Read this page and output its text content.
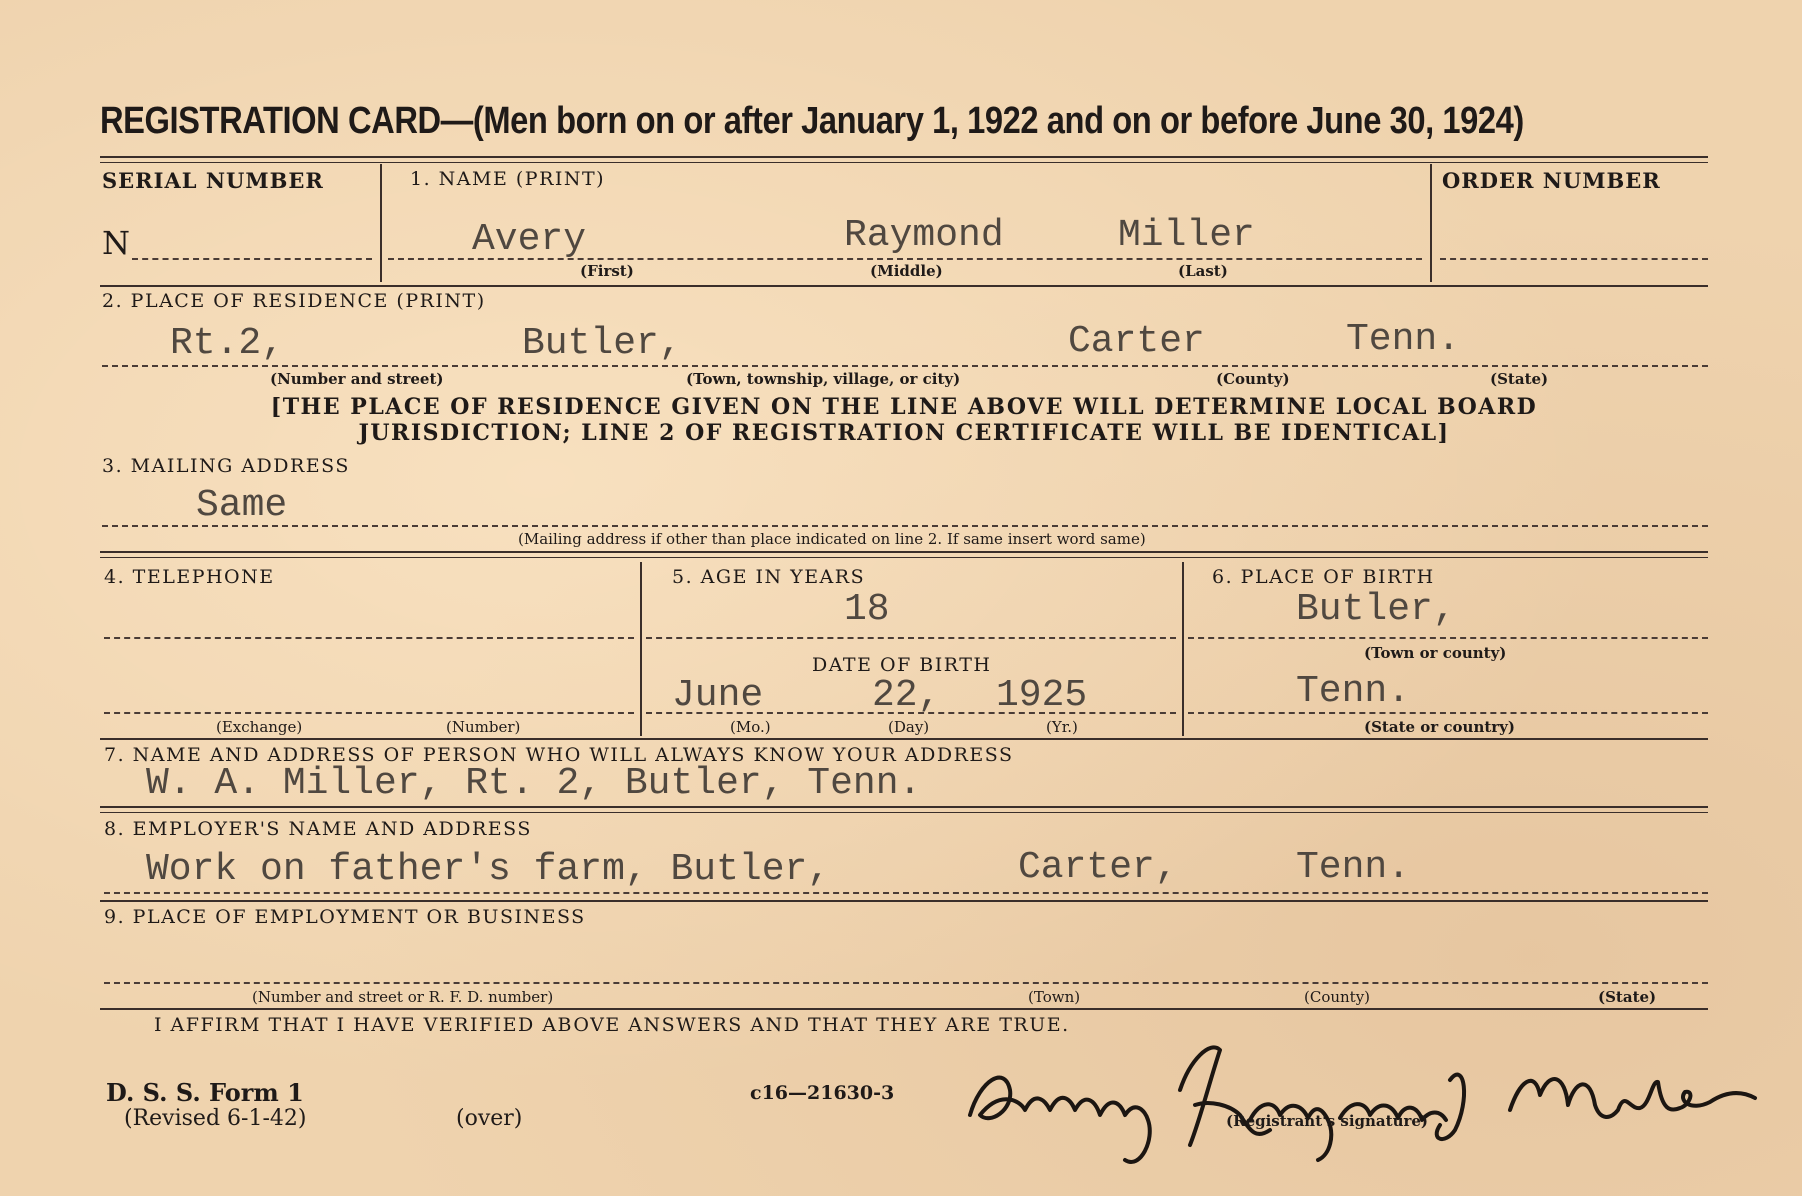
REGISTRATION CARD—(Men born on or after January 1, 1922 and on or before June 30, 1924)
SERIAL NUMBER
N
1. NAME (PRINT)
Avery	Raymond	Miller
(First)	(Middle)	(Last)
ORDER NUMBER
2. PLACE OF RESIDENCE (PRINT)
Rt.2,	Butler,	Carter	Tenn.
(Number and street)	(Town, township, village, or city)	(County)	(State)
[THE PLACE OF RESIDENCE GIVEN ON THE LINE ABOVE WILL DETERMINE LOCAL BOARD
JURISDICTION; LINE 2 OF REGISTRATION CERTIFICATE WILL BE IDENTICAL]
3. MAILING ADDRESS
Same
(Mailing address if other than place indicated on line 2. If same insert word same)
4. TELEPHONE
(Exchange)	(Number)
5. AGE IN YEARS
18
DATE OF BIRTH
June	22, 1925
(Mo.)	(Day)	(Yr.)
6. PLACE OF BIRTH
Butler,
(Town or county)
Tenn.
(State or country)
7. NAME AND ADDRESS OF PERSON WHO WILL ALWAYS KNOW YOUR ADDRESS
W. A. Miller, Rt. 2, Butler, Tenn.
8. EMPLOYER'S NAME AND ADDRESS
Work on father's farm, Butler,	Carter,	Tenn.
9. PLACE OF EMPLOYMENT OR BUSINESS
(Number and street or R. F. D. number)	(Town)	(County)	(State)
I AFFIRM THAT I HAVE VERIFIED ABOVE ANSWERS AND THAT THEY ARE TRUE.
D. S. S. Form 1
(Revised 6-1-42)	(over)
c16—21630-3
(Registrant's signature)
